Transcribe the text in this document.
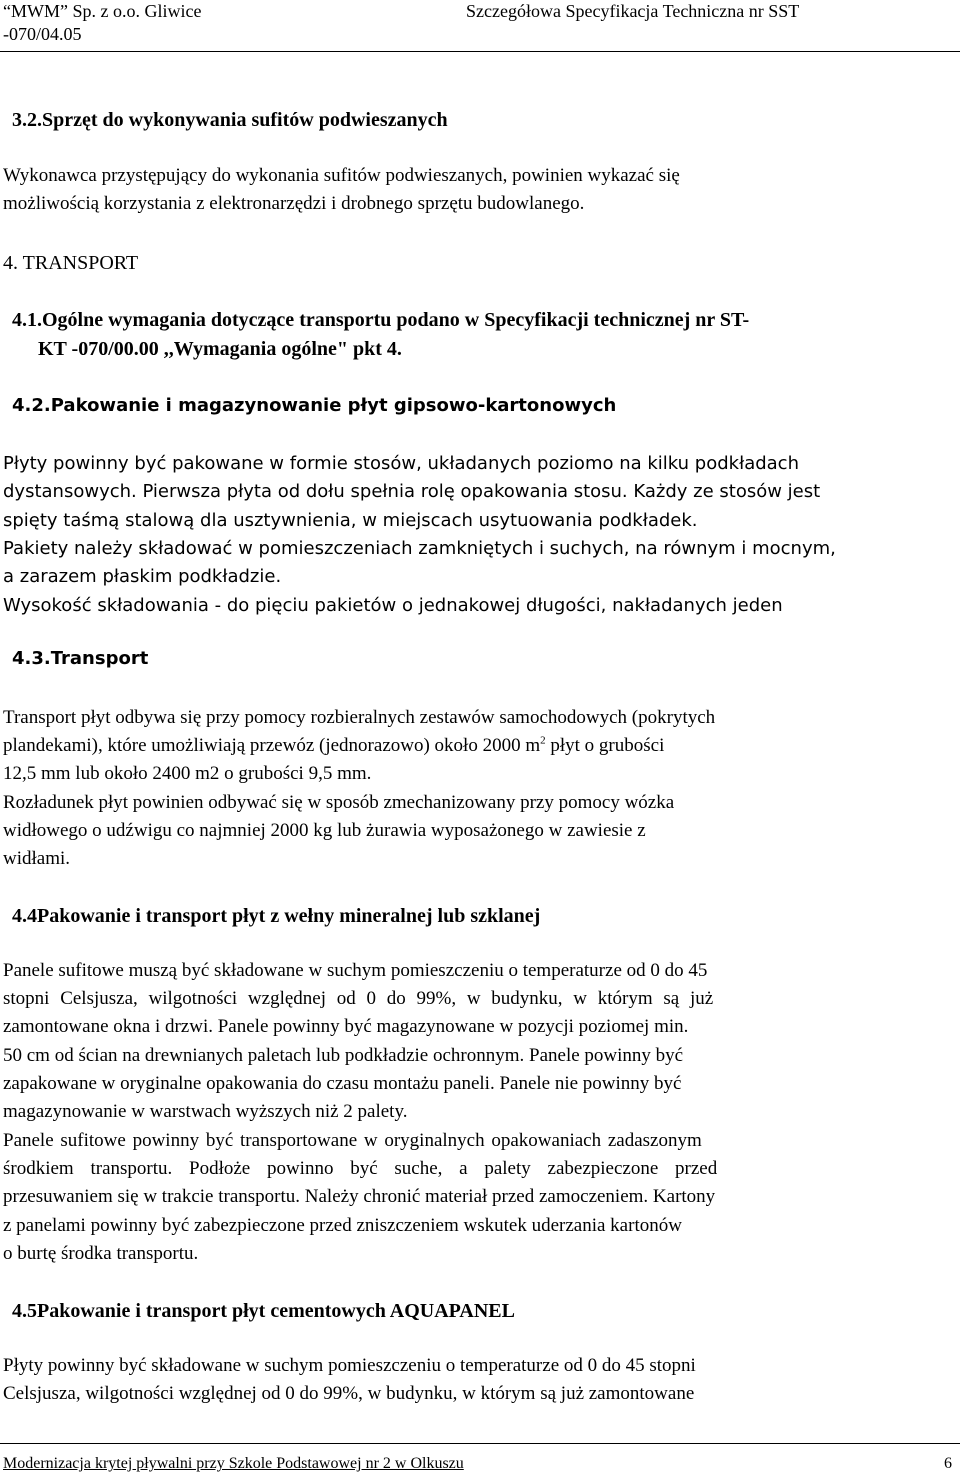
“MWM” Sp. z o.o. Gliwice	Szczegółowa Specyfikacja Techniczna nr SST

-070/04.05

3.2.Sprzęt do wykonywania sufitów podwieszanych

Wykonawca przystępujący do wykonania sufitów podwieszanych, powinien wykazać się

możliwością korzystania z elektronarzędzi i drobnego sprzętu budowlanego.

4. TRANSPORT

4.1.Ogólne wymagania dotyczące transportu podano w Specyfikacji technicznej nr ST-

KT -070/00.00 ,,Wymagania ogólne" pkt 4.

4.2.Pakowanie i magazynowanie płyt gipsowo-kartonowych

Płyty powinny być pakowane w formie stosów, układanych poziomo na kilku podkładach

dystansowych. Pierwsza płyta od dołu spełnia rolę opakowania stosu. Każdy ze stosów jest

spięty taśmą stalową dla usztywnienia, w miejscach usytuowania podkładek.

Pakiety należy składować w pomieszczeniach zamkniętych i suchych, na równym i mocnym,

a zarazem płaskim podkładzie.

Wysokość składowania - do pięciu pakietów o jednakowej długości, nakładanych jeden

4.3.Transport

Transport płyt odbywa się przy pomocy rozbieralnych zestawów samochodowych (pokrytych

plandekami), które umożliwiają przewóz (jednorazowo) około 2000 $m^2$ płyt o grubości

12,5 mm lub około 2400 m2 o grubości 9,5 mm.

Rozładunek płyt powinien odbywać się w sposób zmechanizowany przy pomocy wózka

widłowego o udźwigu co najmniej 2000 kg lub żurawia wyposażonego w zawiesie z

widłami.

4.4Pakowanie i transport płyt z wełny mineralnej lub szklanej

Panele sufitowe muszą być składowane w suchym pomieszczeniu o temperaturze od 0 do 45

stopni Celsjusza, wilgotności względnej od 0 do 99%, w budynku, w którym są już

zamontowane okna i drzwi. Panele powinny być magazynowane w pozycji poziomej min.

50 cm od ścian na drewnianych paletach lub podkładzie ochronnym. Panele powinny być

zapakowane w oryginalne opakowania do czasu montażu paneli. Panele nie powinny być

magazynowanie w warstwach wyższych niż 2 palety.

Panele sufitowe powinny być transportowane w oryginalnych opakowaniach zadaszonym

środkiem transportu. Podłoże powinno być suche, a palety zabezpieczone przed

przesuwaniem się w trakcie transportu. Należy chronić materiał przed zamoczeniem. Kartony

z panelami powinny być zabezpieczone przed zniszczeniem wskutek uderzania kartonów

o burtę środka transportu.

4.5Pakowanie i transport płyt cementowych AQUAPANEL

Płyty powinny być składowane w suchym pomieszczeniu o temperaturze od 0 do 45 stopni

Celsjusza, wilgotności względnej od 0 do 99%, w budynku, w którym są już zamontowane

Modernizacja krytej pływalni przy Szkole Podstawowej nr 2 w Olkuszu	6
